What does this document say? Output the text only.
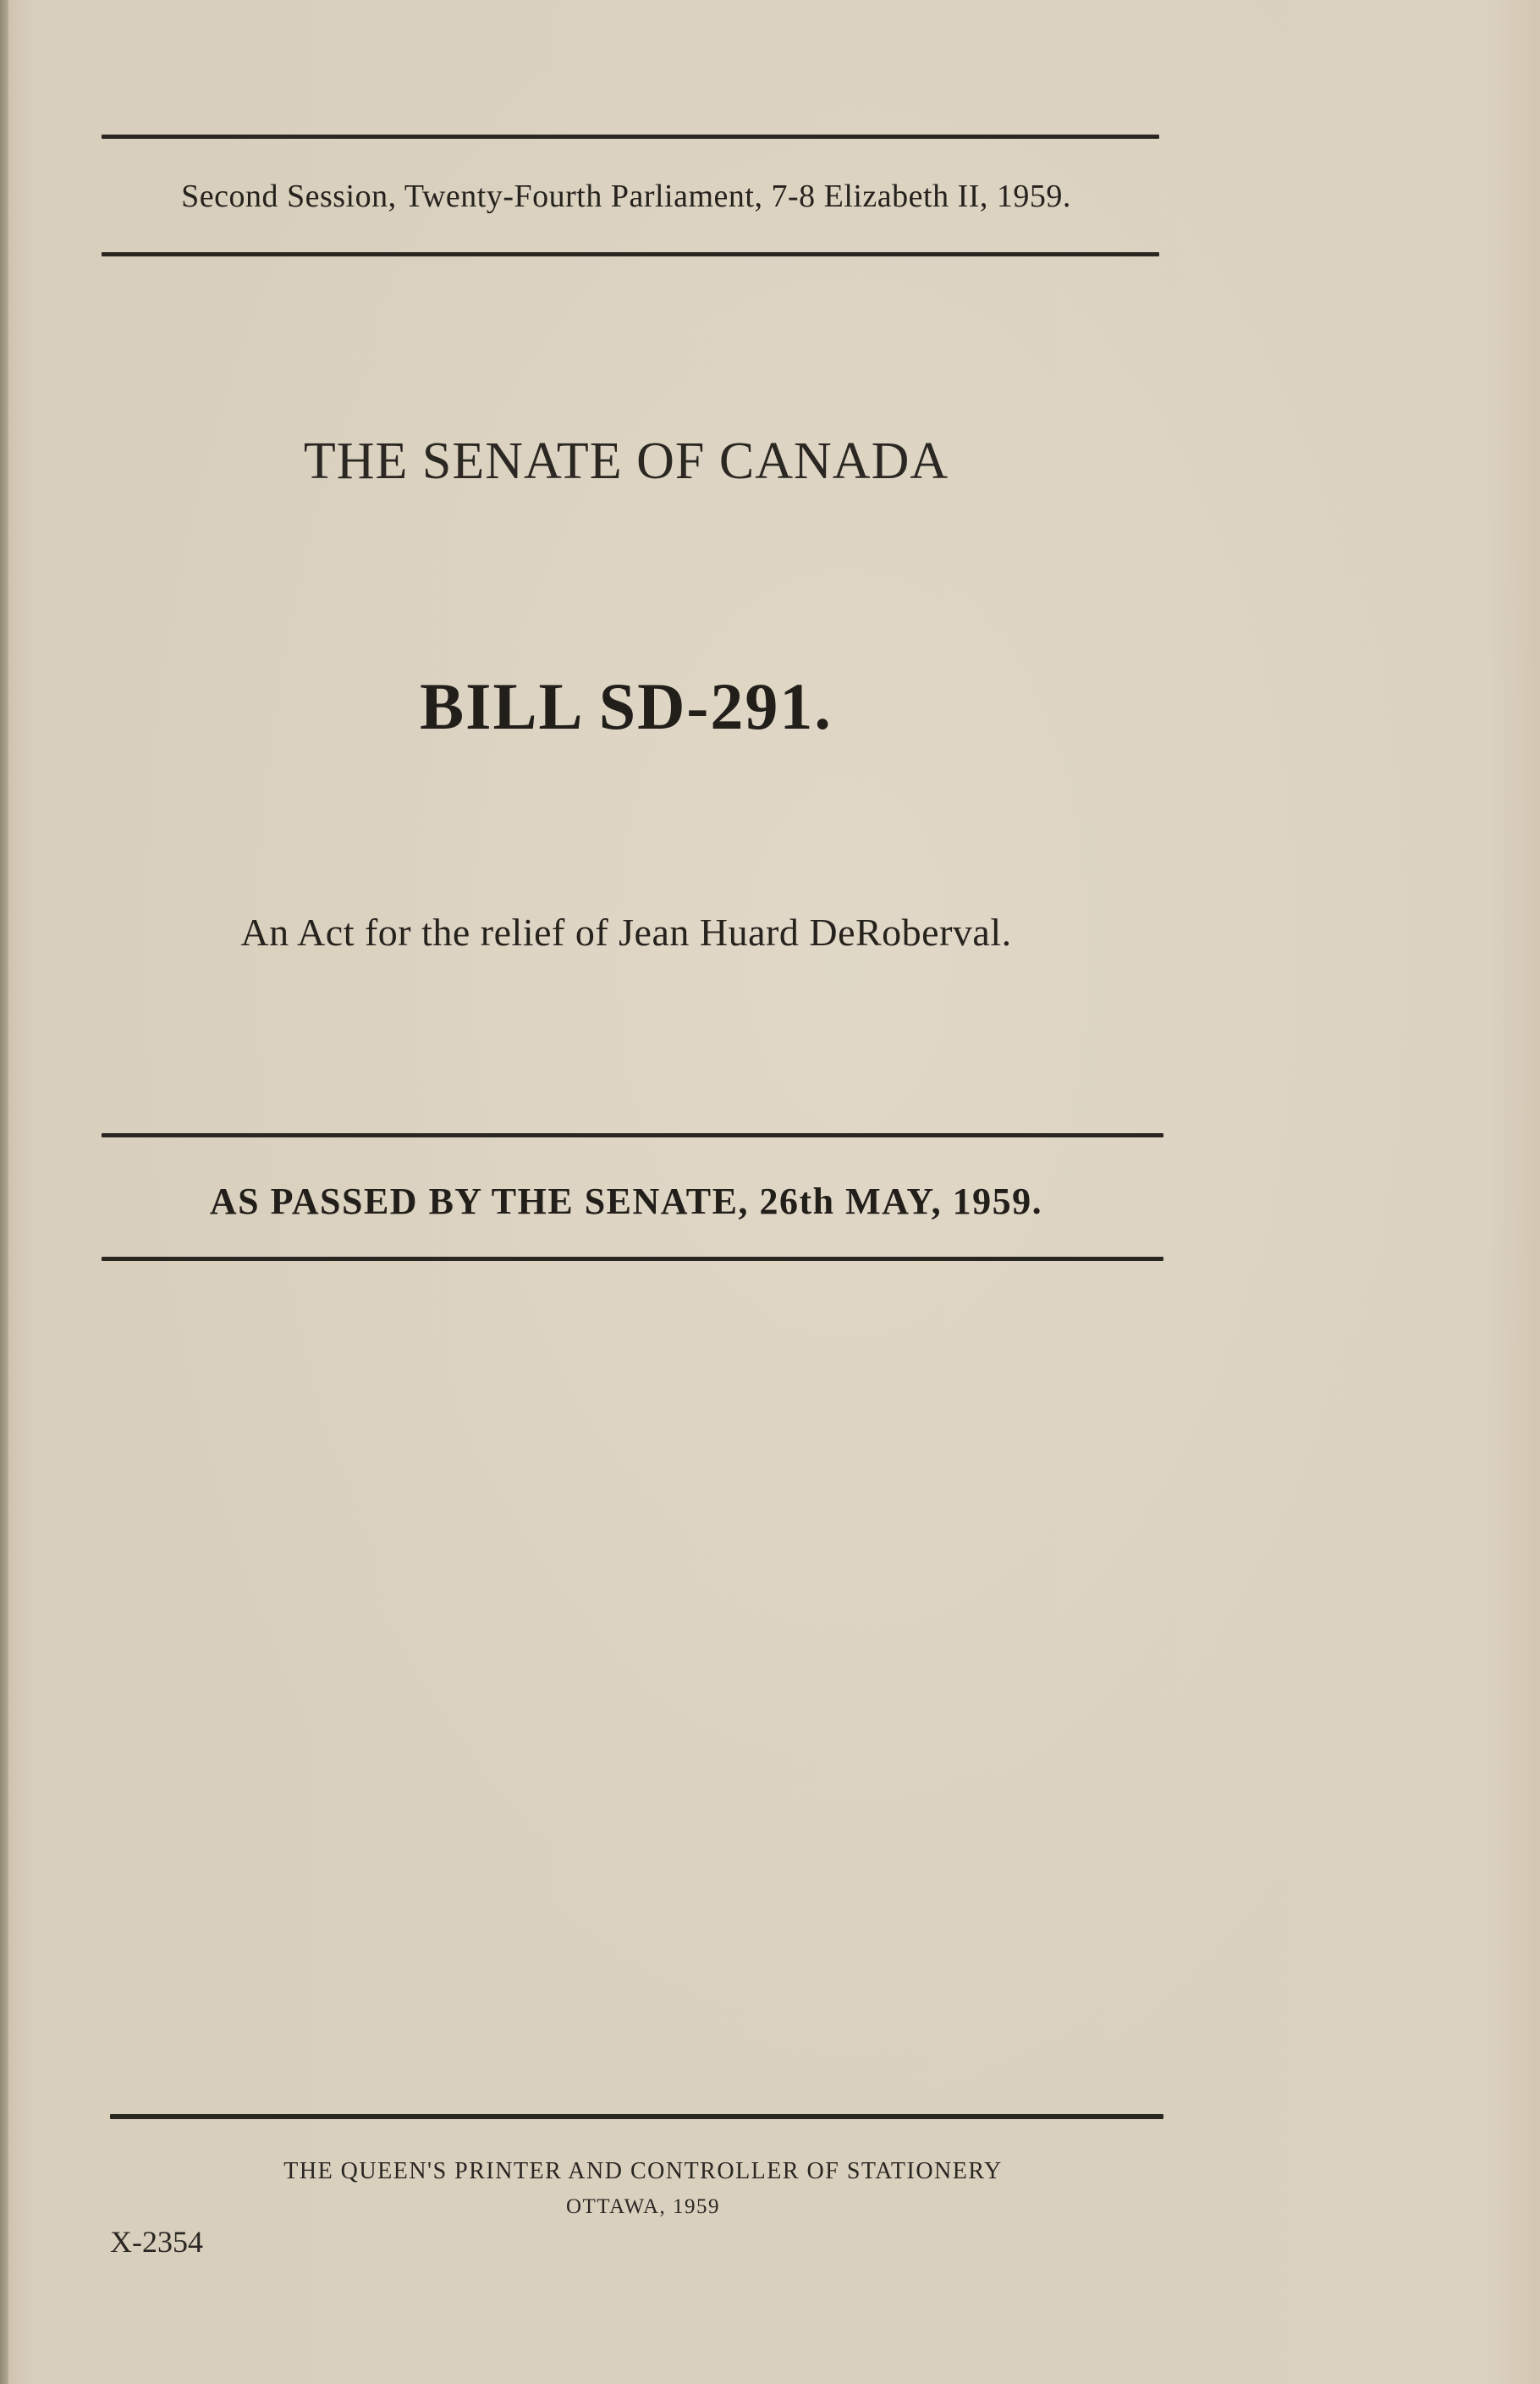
Second Session, Twenty-Fourth Parliament, 7-8 Elizabeth II, 1959.
THE SENATE OF CANADA
BILL SD-291.
An Act for the relief of Jean Huard DeRoberval.
AS PASSED BY THE SENATE, 26th MAY, 1959.
THE QUEEN'S PRINTER AND CONTROLLER OF STATIONERY
OTTAWA, 1959
X-2354
